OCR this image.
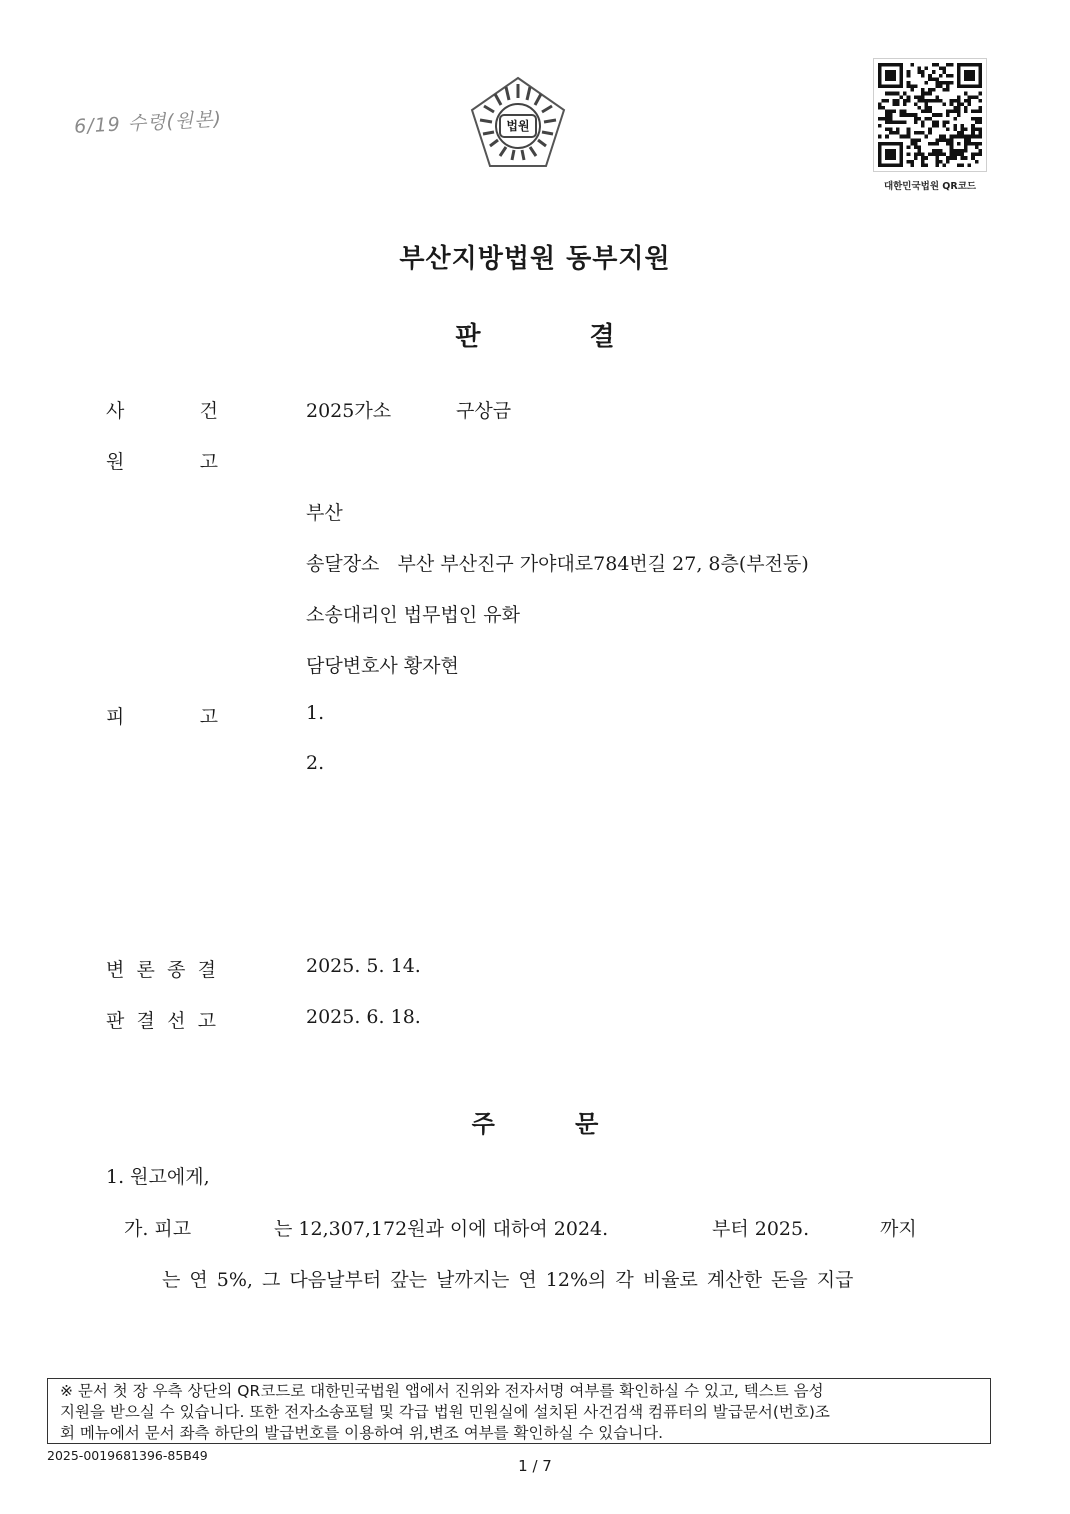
6/19 수령(원본)	법원
대한민국법원 QR코드
부산지방법원 동부지원
판 결
사	건	2025가소	구상금
원	고
부산
송달장소   부산 부산진구 가야대로784번길 27, 8층(부전동)
소송대리인 법무법인 유화
담당변호사 황자현
피	고	1.
2.
변 론 종 결	2025. 5. 14.
판 결 선 고	2025. 6. 18.
주 문
1. 원고에게,
가. 피고	는 12,307,172원과 이에 대하여 2024.	부터 2025.	까지
는 연 5%, 그 다음날부터 갚는 날까지는 연 12%의 각 비율로 계산한 돈을 지급
※ 문서 첫 장 우측 상단의 QR코드로 대한민국법원 앱에서 진위와 전자서명 여부를 확인하실 수 있고, 텍스트 음성
지원을 받으실 수 있습니다. 또한 전자소송포털 및 각급 법원 민원실에 설치된 사건검색 컴퓨터의 발급문서(번호)조
회 메뉴에서 문서 좌측 하단의 발급번호를 이용하여 위,변조 여부를 확인하실 수 있습니다.
2025-0019681396-85B49
1 / 7
